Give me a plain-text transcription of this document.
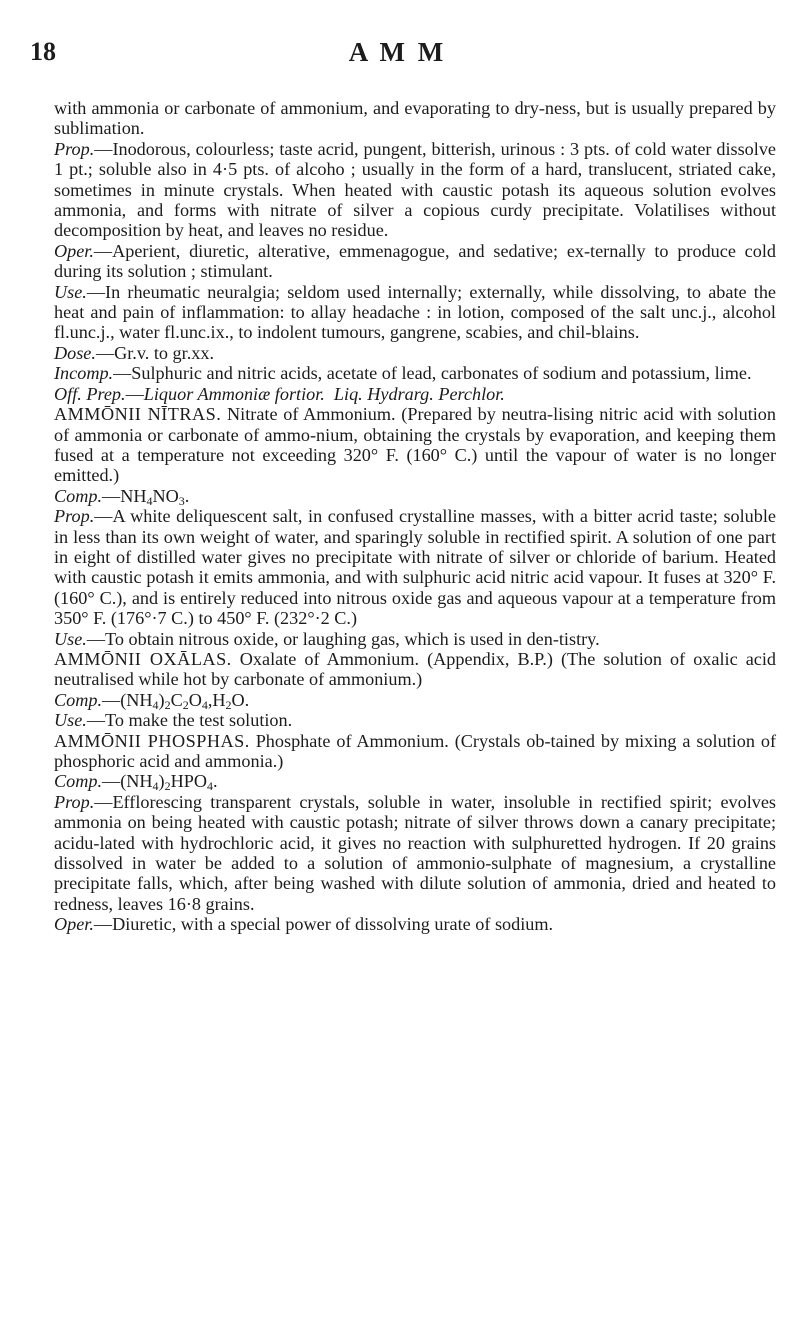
18	A M M

with ammonia or carbonate of ammonium, and evaporating to dry-ness, but is usually prepared by sublimation.

Prop.—Inodorous, colourless; taste acrid, pungent, bitterish, urinous : 3 pts. of cold water dissolve 1 pt.; soluble also in 4·5 pts. of alcoho ; usually in the form of a hard, translucent, striated cake, sometimes in minute crystals. When heated with caustic potash its aqueous solution evolves ammonia, and forms with nitrate of silver a copious curdy precipitate. Volatilises without decomposition by heat, and leaves no residue.

Oper.—Aperient, diuretic, alterative, emmenagogue, and sedative; ex-ternally to produce cold during its solution ; stimulant.

Use.—In rheumatic neuralgia; seldom used internally; externally, while dissolving, to abate the heat and pain of inflammation: to allay headache : in lotion, composed of the salt unc.j., alcohol fl.unc.j., water fl.unc.ix., to indolent tumours, gangrene, scabies, and chil-blains.

Dose.—Gr.v. to gr.xx.

Incomp.—Sulphuric and nitric acids, acetate of lead, carbonates of sodium and potassium, lime.

Off. Prep.—Liquor Ammoniæ fortior. Liq. Hydrarg. Perchlor.

AMMŌNII NĪTRAS. Nitrate of Ammonium. (Prepared by neutra-lising nitric acid with solution of ammonia or carbonate of ammo-nium, obtaining the crystals by evaporation, and keeping them fused at a temperature not exceeding 320° F. (160° C.) until the vapour of water is no longer emitted.)

$Comp.—NH_4NO_3$.

Prop.—A white deliquescent salt, in confused crystalline masses, with a bitter acrid taste; soluble in less than its own weight of water, and sparingly soluble in rectified spirit. A solution of one part in eight of distilled water gives no precipitate with nitrate of silver or chloride of barium. Heated with caustic potash it emits ammonia, and with sulphuric acid nitric acid vapour. It fuses at 320° F. (160° C.), and is entirely reduced into nitrous oxide gas and aqueous vapour at a temperature from 350° F. (176°·7 C.) to 450° F. (232°·2 C.)

Use.—To obtain nitrous oxide, or laughing gas, which is used in den-tistry.

AMMŌNII OXĀLAS. Oxalate of Ammonium. (Appendix, B.P.) (The solution of oxalic acid neutralised while hot by carbonate of ammonium.)

$Comp.—(NH_4)_2C_2O_4,H_2O$.

Use.—To make the test solution.

AMMŌNII PHOSPHAS. Phosphate of Ammonium. (Crystals ob-tained by mixing a solution of phosphoric acid and ammonia.)

$Comp.—(NH_4)_2HPO_4$.

Prop.—Efflorescing transparent crystals, soluble in water, insoluble in rectified spirit; evolves ammonia on being heated with caustic potash; nitrate of silver throws down a canary precipitate; acidu-lated with hydrochloric acid, it gives no reaction with sulphuretted hydrogen. If 20 grains dissolved in water be added to a solution of ammonio-sulphate of magnesium, a crystalline precipitate falls, which, after being washed with dilute solution of ammonia, dried and heated to redness, leaves 16·8 grains.

Oper.—Diuretic, with a special power of dissolving urate of sodium.
